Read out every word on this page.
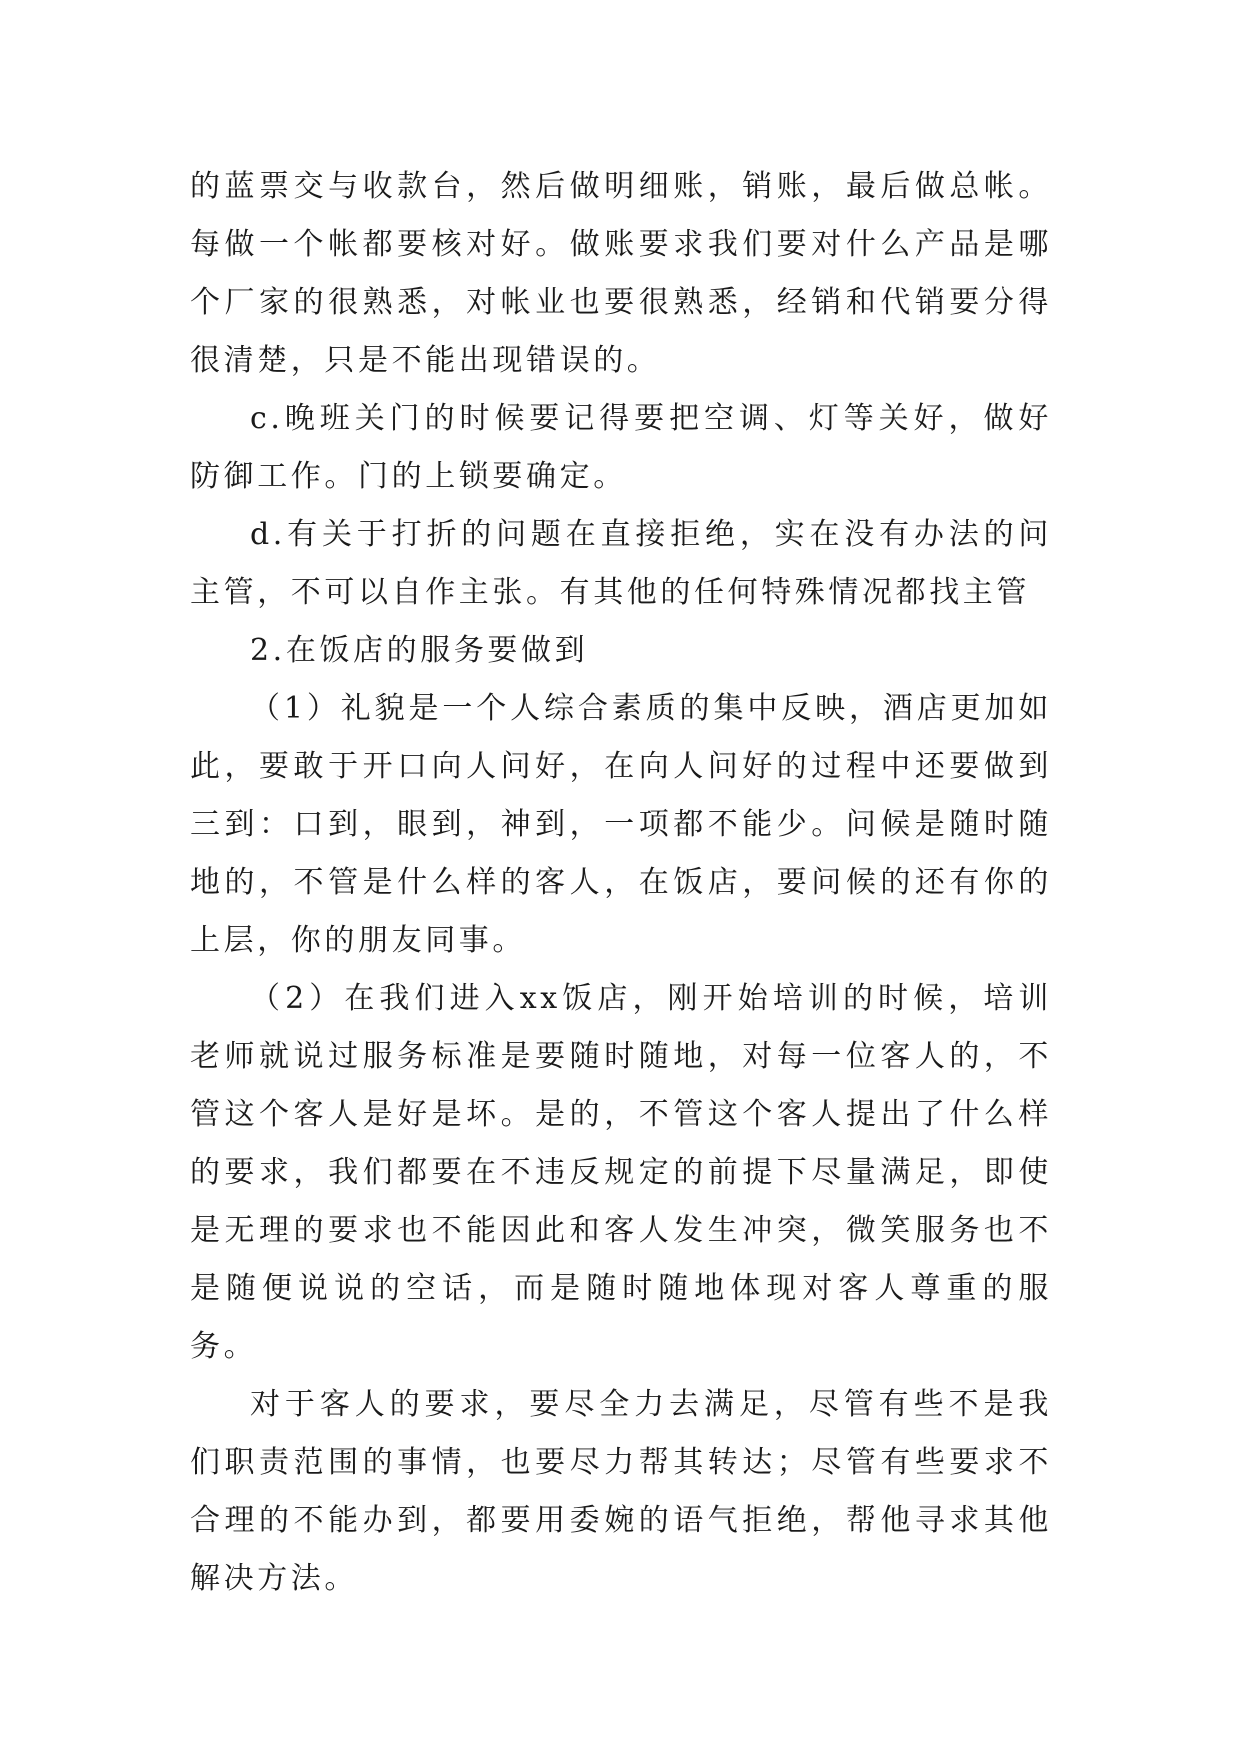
的蓝票交与收款台，然后做明细账，销账，最后做总帐。每做一个帐都要核对好。做账要求我们要对什么产品是哪个厂家的很熟悉，对帐业也要很熟悉，经销和代销要分得很清楚，只是不能出现错误的。

c.晚班关门的时候要记得要把空调、灯等关好，做好防御工作。门的上锁要确定。

d.有关于打折的问题在直接拒绝，实在没有办法的问主管，不可以自作主张。有其他的任何特殊情况都找主管

2.在饭店的服务要做到

（1）礼貌是一个人综合素质的集中反映，酒店更加如此，要敢于开口向人问好，在向人问好的过程中还要做到三到：口到，眼到，神到，一项都不能少。问候是随时随地的，不管是什么样的客人，在饭店，要问候的还有你的上层，你的朋友同事。

（2）在我们进入xx饭店，刚开始培训的时候，培训老师就说过服务标准是要随时随地，对每一位客人的，不管这个客人是好是坏。是的，不管这个客人提出了什么样的要求，我们都要在不违反规定的前提下尽量满足，即使是无理的要求也不能因此和客人发生冲突，微笑服务也不是随便说说的空话，而是随时随地体现对客人尊重的服务。

对于客人的要求，要尽全力去满足，尽管有些不是我们职责范围的事情，也要尽力帮其转达；尽管有些要求不合理的不能办到，都要用委婉的语气拒绝，帮他寻求其他解决方法。
